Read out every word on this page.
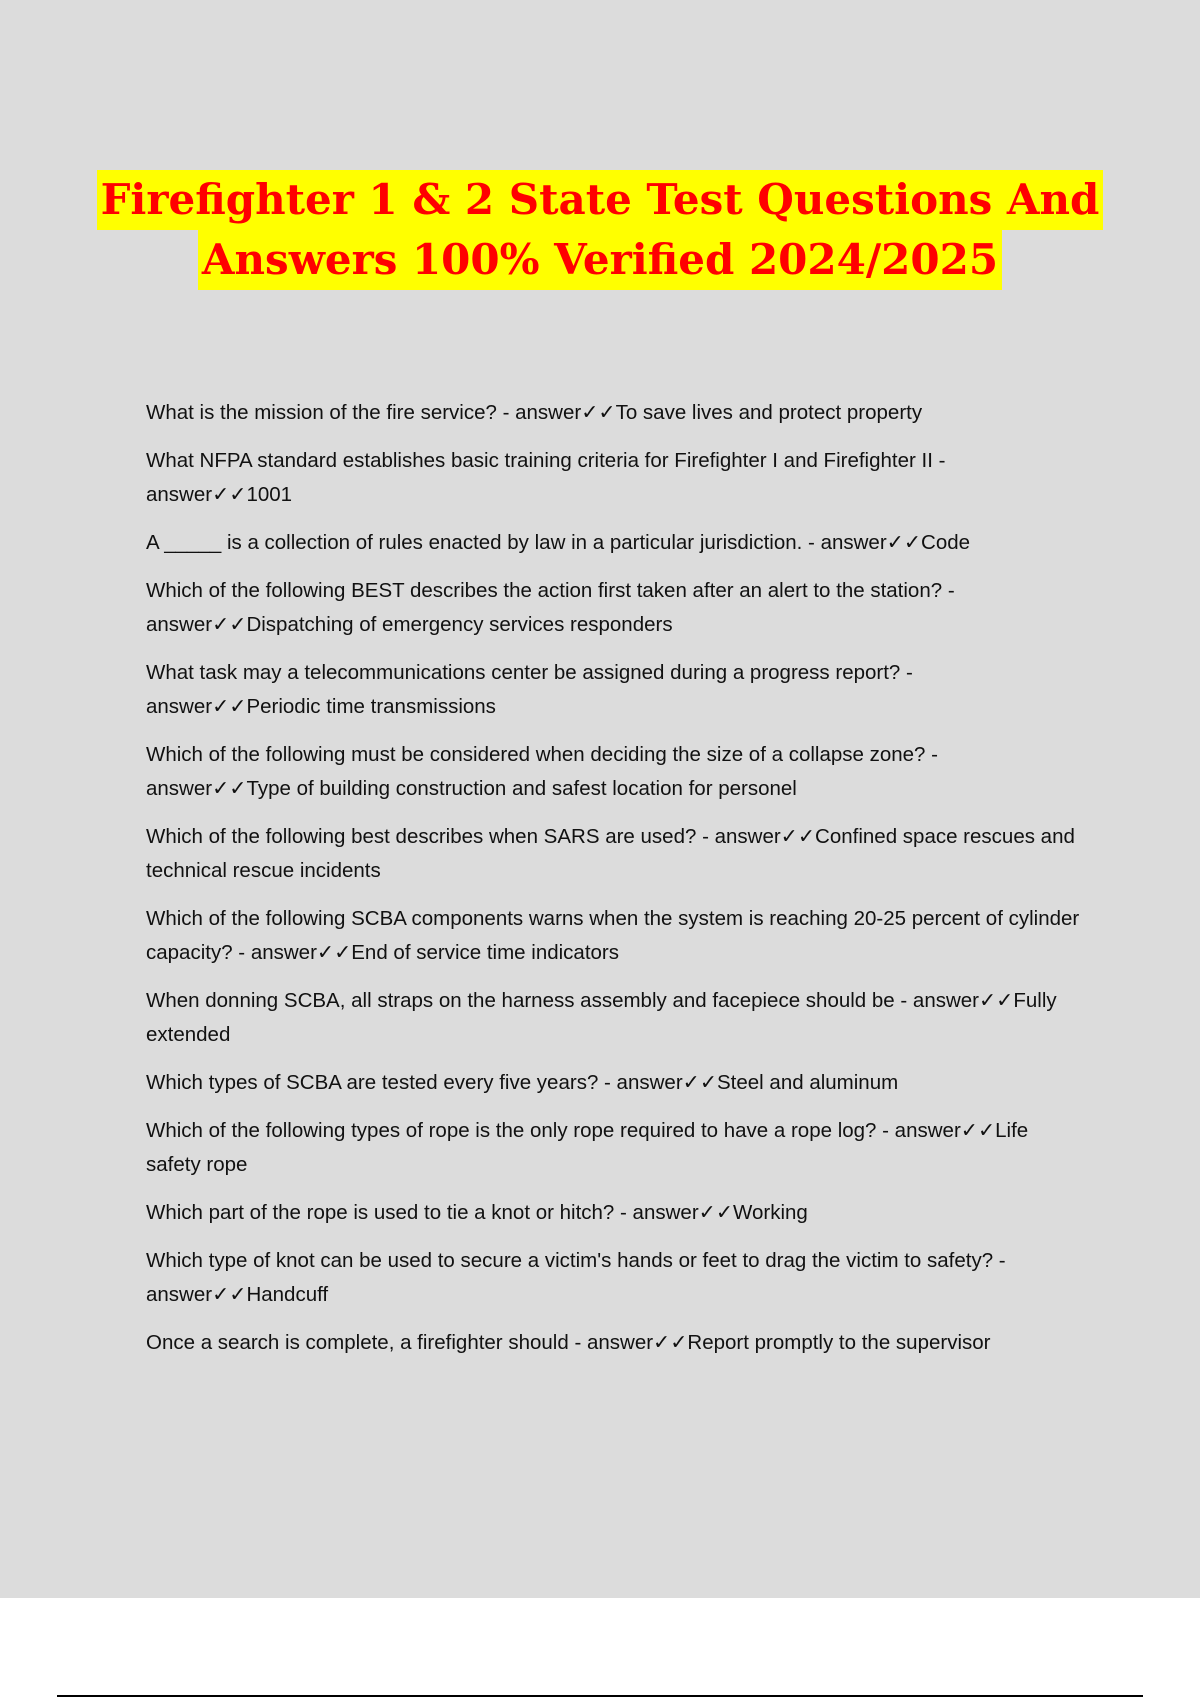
Firefighter 1 & 2 State Test Questions And
Answers 100% Verified 2024/2025

What is the mission of the fire service? - answer✓✓To save lives and protect property

What NFPA standard establishes basic training criteria for Firefighter I and Firefighter II - answer✓✓1001

A _____ is a collection of rules enacted by law in a particular jurisdiction. - answer✓✓Code

Which of the following BEST describes the action first taken after an alert to the station? - answer✓✓Dispatching of emergency services responders

What task may a telecommunications center be assigned during a progress report? - answer✓✓Periodic time transmissions

Which of the following must be considered when deciding the size of a collapse zone? - answer✓✓Type of building construction and safest location for personel

Which of the following best describes when SARS are used? - answer✓✓Confined space rescues and technical rescue incidents

Which of the following SCBA components warns when the system is reaching 20-25 percent of cylinder capacity? - answer✓✓End of service time indicators

When donning SCBA, all straps on the harness assembly and facepiece should be - answer✓✓Fully extended

Which types of SCBA are tested every five years? - answer✓✓Steel and aluminum

Which of the following types of rope is the only rope required to have a rope log? - answer✓✓Life safety rope

Which part of the rope is used to tie a knot or hitch? - answer✓✓Working

Which type of knot can be used to secure a victim's hands or feet to drag the victim to safety? - answer✓✓Handcuff

Once a search is complete, a firefighter should - answer✓✓Report promptly to the supervisor
